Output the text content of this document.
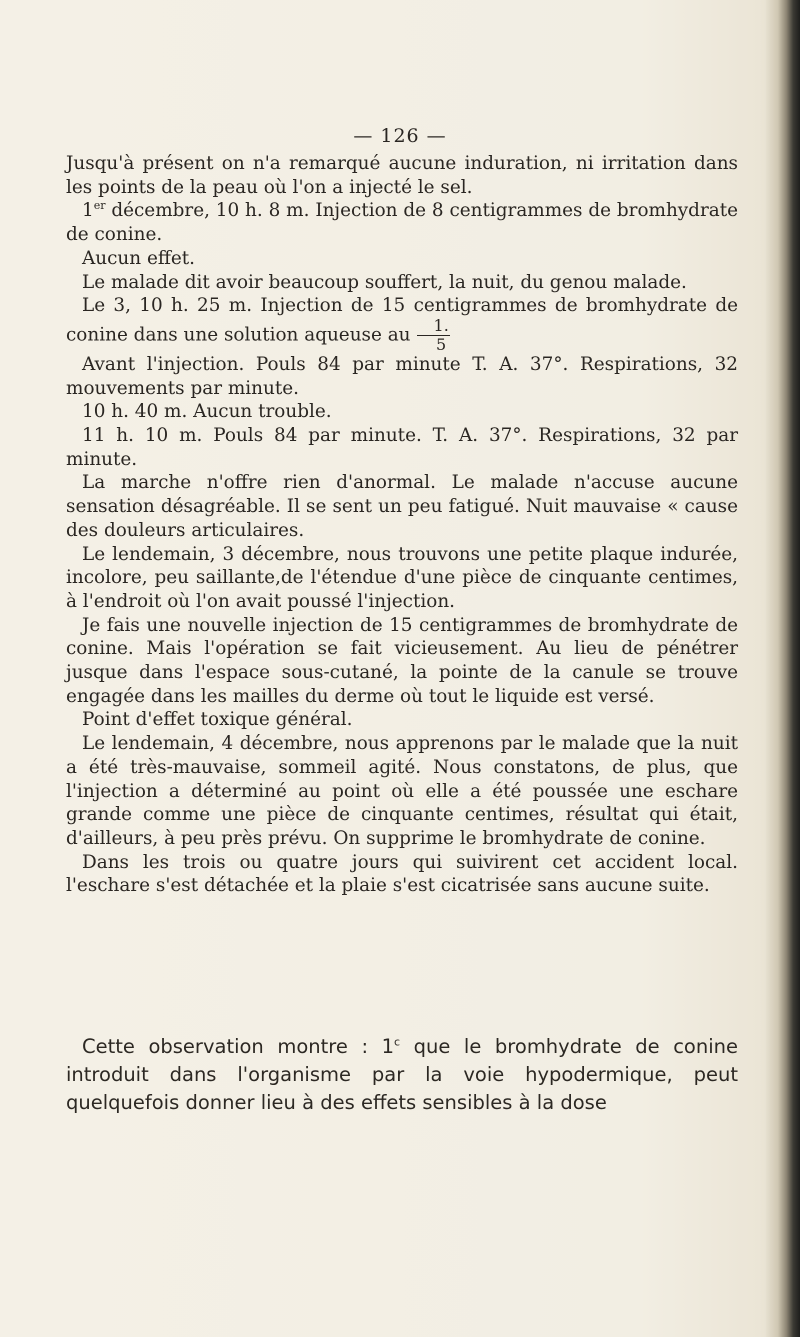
— 126 —

Jusqu'à présent on n'a remarqué aucune induration, ni irritation dans les points de la peau où l'on a injecté le sel.

1er décembre, 10 h. 8 m. Injection de 8 centigrammes de bromhydrate de conine.

Aucun effet.

Le malade dit avoir beaucoup souffert, la nuit, du genou malade.

Le 3, 10 h. 25 m. Injection de 15 centigrammes de bromhydrate de conine dans une solution aqueuse au $\frac{1.}{5}$

Avant l'injection. Pouls 84 par minute T. A. 37°. Respirations, 32 mouvements par minute.

10 h. 40 m. Aucun trouble.

11 h. 10 m. Pouls 84 par minute. T. A. 37°. Respirations, 32 par minute.

La marche n'offre rien d'anormal. Le malade n'accuse aucune sensation désagréable. Il se sent un peu fatigué. Nuit mauvaise « cause des douleurs articulaires.

Le lendemain, 3 décembre, nous trouvons une petite plaque indurée, incolore, peu saillante,de l'étendue d'une pièce de cinquante centimes, à l'endroit où l'on avait poussé l'injection.

Je fais une nouvelle injection de 15 centigrammes de bromhydrate de conine. Mais l'opération se fait vicieusement. Au lieu de pénétrer jusque dans l'espace sous-cutané, la pointe de la canule se trouve engagée dans les mailles du derme où tout le liquide est versé.

Point d'effet toxique général.

Le lendemain, 4 décembre, nous apprenons par le malade que la nuit a été très-mauvaise, sommeil agité. Nous constatons, de plus, que l'injection a déterminé au point où elle a été poussée une eschare grande comme une pièce de cinquante centimes, résultat qui était, d'ailleurs, à peu près prévu. On supprime le bromhydrate de conine.

Dans les trois ou quatre jours qui suivirent cet accident local. l'eschare s'est détachée et la plaie s'est cicatrisée sans aucune suite.

Cette observation montre : 1$^c$ que le bromhydrate de conine introduit dans l'organisme par la voie hypodermique, peut quelquefois donner lieu à des effets sensibles à la dose
